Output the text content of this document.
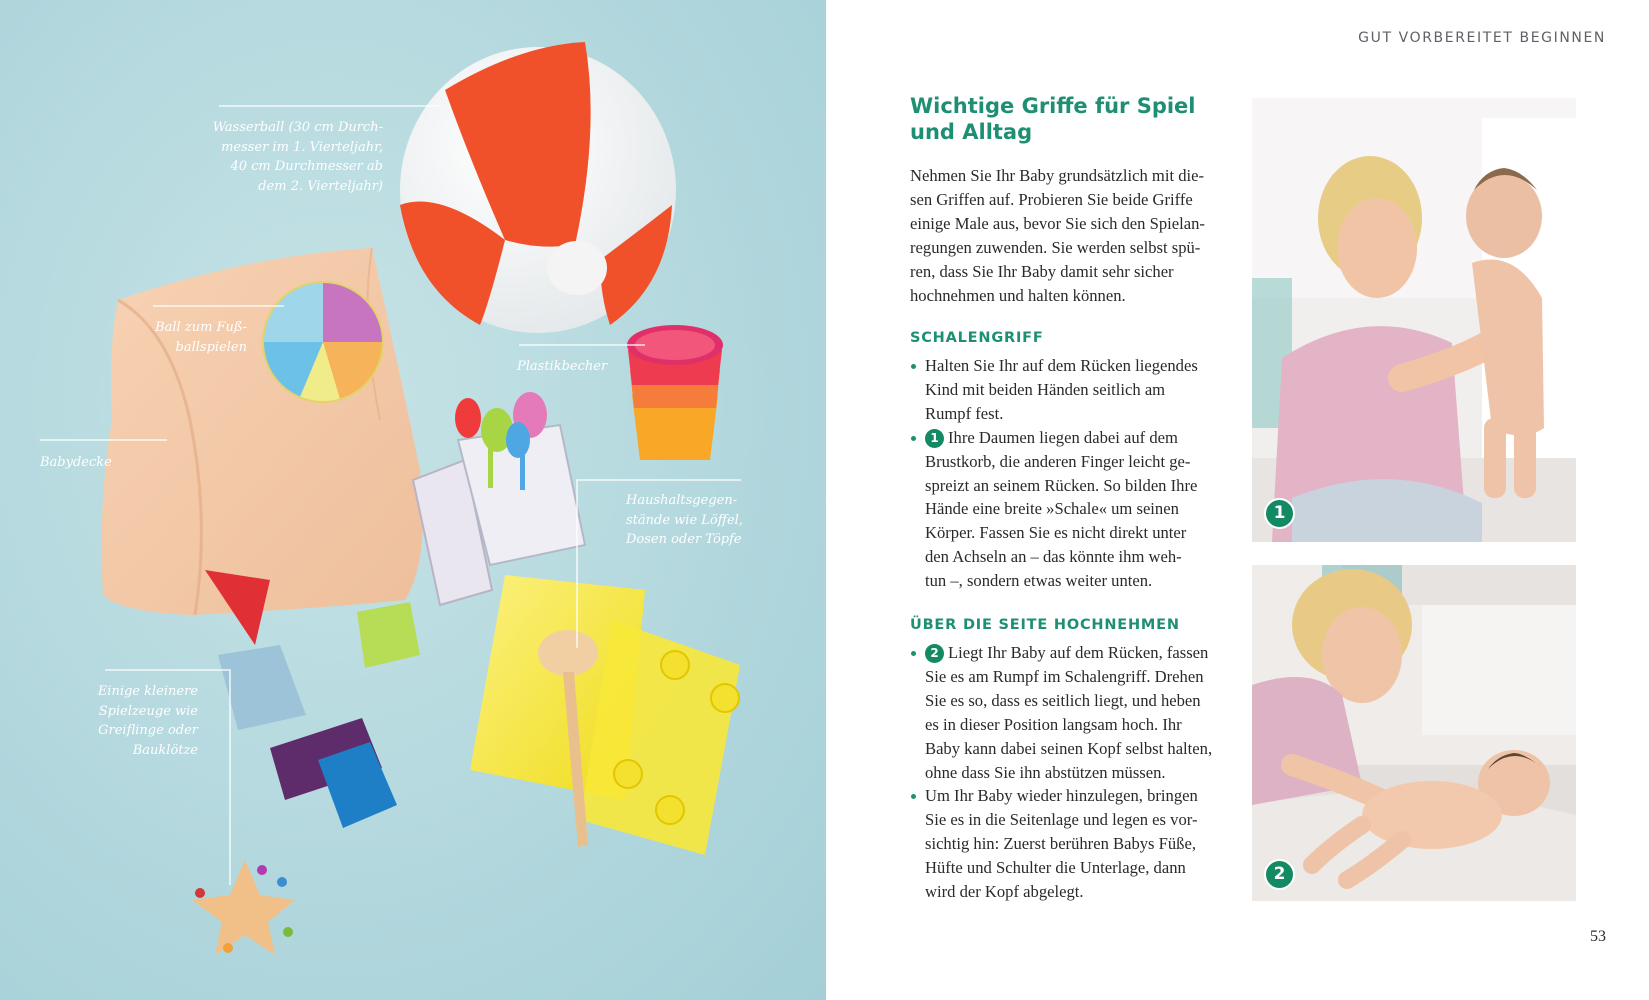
Wasserball (30 cm Durch-
messer im 1. Vierteljahr,
40 cm Durchmesser ab
dem 2. Vierteljahr)
Ball zum Fuß-
ballspielen
Plastikbecher
Babydecke
Haushaltsgegen-
stände wie Löffel,
Dosen oder Töpfe
Einige kleinere
Spielzeuge wie
Greiflinge oder
Bauklötze
GUT VORBEREITET BEGINNEN
Wichtige Griffe für Spiel
und Alltag

Nehmen Sie Ihr Baby grundsätzlich mit die-
sen Griffen auf. Probieren Sie beide Griffe
einige Male aus, bevor Sie sich den Spielan-
regungen zuwenden. Sie werden selbst spü-
ren, dass Sie Ihr Baby damit sehr sicher
hochnehmen und halten können.

SCHALENGRIFF
Halten Sie Ihr auf dem Rücken liegendes
Kind mit beiden Händen seitlich am
Rumpf fest.
1 Ihre Daumen liegen dabei auf dem
Brustkorb, die anderen Finger leicht ge-
spreizt an seinem Rücken. So bilden Ihre
Hände eine breite »Schale« um seinen
Körper. Fassen Sie es nicht direkt unter
den Achseln an – das könnte ihm weh-
tun –, sondern etwas weiter unten.
ÜBER DIE SEITE HOCHNEHMEN
2 Liegt Ihr Baby auf dem Rücken, fassen
Sie es am Rumpf im Schalengriff. Drehen
Sie es so, dass es seitlich liegt, und heben
es in dieser Position langsam hoch. Ihr
Baby kann dabei seinen Kopf selbst halten,
ohne dass Sie ihn abstützen müssen.
Um Ihr Baby wieder hinzulegen, bringen
Sie es in die Seitenlage und legen es vor-
sichtig hin: Zuerst berühren Babys Füße,
Hüfte und Schulter die Unterlage, dann
wird der Kopf abgelegt.
1
2
53
